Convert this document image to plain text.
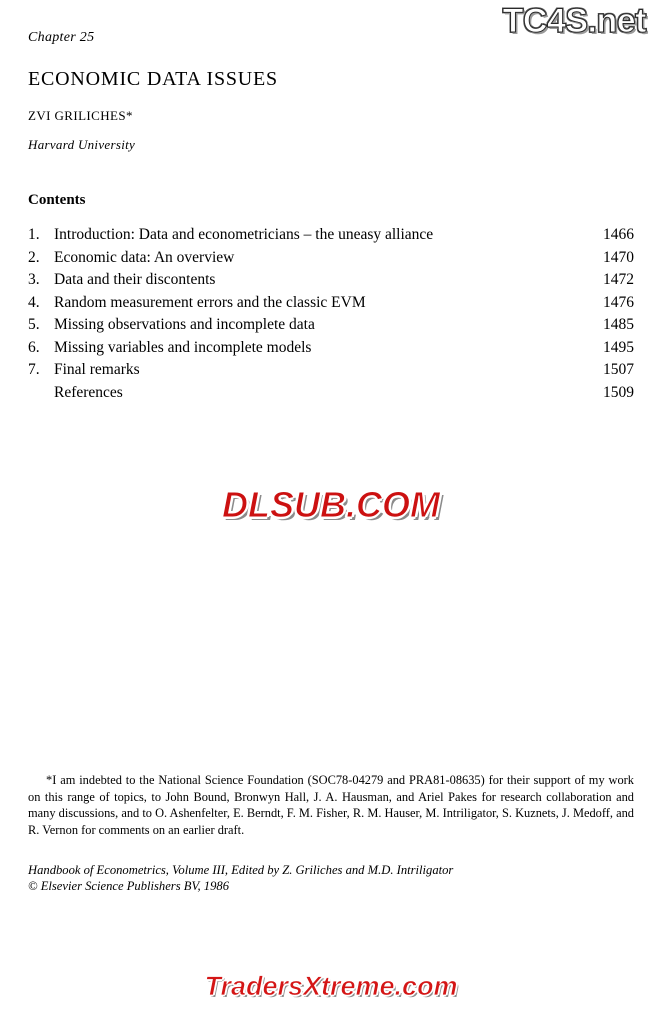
TC4S.net
Chapter 25
ECONOMIC DATA ISSUES
ZVI GRILICHES*
Harvard University
Contents
1. Introduction: Data and econometricians – the uneasy alliance	1466
2. Economic data: An overview	1470
3. Data and their discontents	1472
4. Random measurement errors and the classic EVM	1476
5. Missing observations and incomplete data	1485
6. Missing variables and incomplete models	1495
7. Final remarks	1507
References	1509
DLSUB.COM
*I am indebted to the National Science Foundation (SOC78-04279 and PRA81-08635) for their support of my work on this range of topics, to John Bound, Bronwyn Hall, J. A. Hausman, and Ariel Pakes for research collaboration and many discussions, and to O. Ashenfelter, E. Berndt, F. M. Fisher, R. M. Hauser, M. Intriligator, S. Kuznets, J. Medoff, and R. Vernon for comments on an earlier draft.
Handbook of Econometrics, Volume III, Edited by Z. Griliches and M.D. Intriligator
© Elsevier Science Publishers BV, 1986
TradersXtreme.com
